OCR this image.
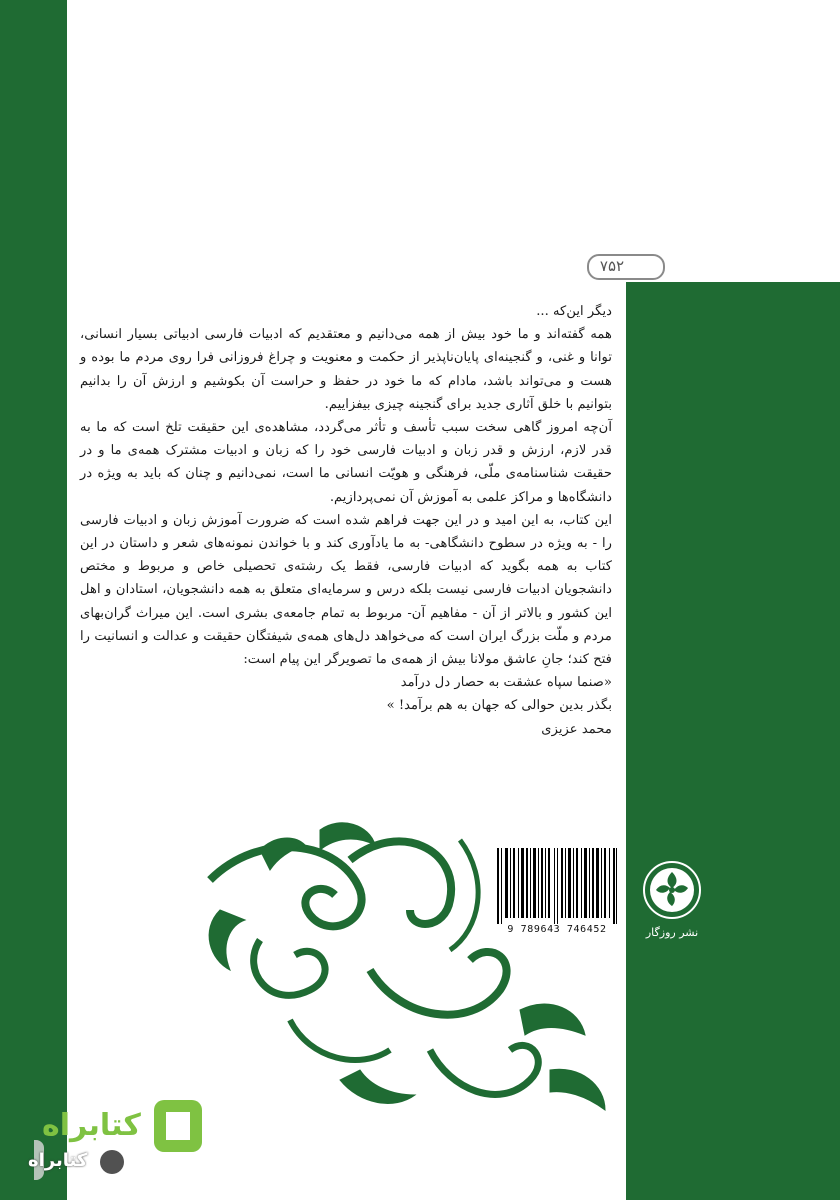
۷۵۲

دیگر این‌که ...

همه گفته‌اند و ما خود بیش از همه می‌دانیم و معتقدیم که ادبیات فارسی ادبیاتی بسیار انسانی، توانا و غنی، و گنجینه‌ای پایان‌ناپذیر از حکمت و معنویت و چراغ فروزانی فرا روی مردم ما بوده و هست و می‌تواند باشد، مادام که ما خود در حفظ و حراست آن بکوشیم و ارزش آن را بدانیم بتوانیم با خلق آثاری جدید برای گنجینه چیزی بیفزاییم.

آن‌چه امروز گاهی سخت سبب تأسف و تأثر می‌گردد، مشاهده‌ی این حقیقت تلخ است که ما به قدر لازم، ارزش و قدر زبان و ادبیات فارسی خود را که زبان و ادبیات مشترک همه‌ی ما و در حقیقت شناسنامه‌ی ملّی، فرهنگی و هویّت انسانی ما است، نمی‌دانیم و چنان که باید به ویژه در دانشگاه‌ها و مراکز علمی به آموزش آن نمی‌پردازیم.

این کتاب، به این امید و در این جهت فراهم شده است که ضرورت آموزش زبان و ادبیات فارسی را - به ویژه در سطوح دانشگاهی- به ما یادآوری کند و با خواندن نمونه‌های شعر و داستان در این کتاب به همه بگوید که ادبیات فارسی، فقط یک رشته‌ی تحصیلی خاص و مربوط و مختص دانشجویان ادبیات فارسی نیست بلکه درس و سرمایه‌ای متعلق به همه دانشجویان، استادان و اهل این کشور و بالاتر از آن - مفاهیم آن- مربوط به تمام جامعه‌ی بشری است. این میراث گران‌بهای مردم و ملّت بزرگ ایران است که می‌خواهد دل‌های همه‌ی شیفتگان حقیقت و عدالت و انسانیت را فتح کند؛ جانِ عاشق مولانا بیش از همه‌ی ما تصویرگر این پیام است:

«صنما سپاه عشقت به حصار دل درآمد

بگذر بدین حوالی که جهان به هم برآمد! »

محمد عزیزی

9 789643 746452	نشر روزگار
کتابراه
کتابراه
